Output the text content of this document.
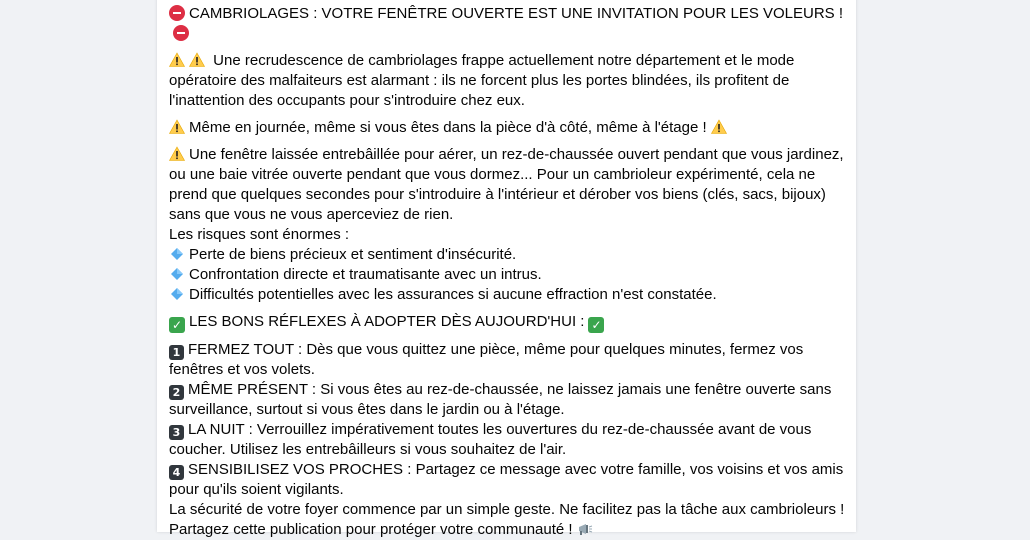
CAMBRIOLAGES : VOTRE FENÊTRE OUVERTE EST UNE INVITATION POUR LES VOLEURS !

Une recrudescence de cambriolages frappe actuellement notre département et le mode opératoire des malfaiteurs est alarmant : ils ne forcent plus les portes blindées, ils profitent de l'inattention des occupants pour s'introduire chez eux.

Même en journée, même si vous êtes dans la pièce d'à côté, même à l'étage !

Une fenêtre laissée entrebâillée pour aérer, un rez-de-chaussée ouvert pendant que vous jardinez, ou une baie vitrée ouverte pendant que vous dormez... Pour un cambrioleur expérimenté, cela ne prend que quelques secondes pour s'introduire à l'intérieur et dérober vos biens (clés, sacs, bijoux) sans que vous ne vous aperceviez de rien.
Les risques sont énormes :
Perte de biens précieux et sentiment d'insécurité.
Confrontation directe et traumatisante avec un intrus.
Difficultés potentielles avec les assurances si aucune effraction n'est constatée.

✓ LES BONS RÉFLEXES À ADOPTER DÈS AUJOURD'HUI : ✓

1 FERMEZ TOUT : Dès que vous quittez une pièce, même pour quelques minutes, fermez vos fenêtres et vos volets.
2 MÊME PRÉSENT : Si vous êtes au rez-de-chaussée, ne laissez jamais une fenêtre ouverte sans surveillance, surtout si vous êtes dans le jardin ou à l'étage.
3 LA NUIT : Verrouillez impérativement toutes les ouvertures du rez-de-chaussée avant de vous coucher. Utilisez les entrebâilleurs si vous souhaitez de l'air.
4 SENSIBILISEZ VOS PROCHES : Partagez ce message avec votre famille, vos voisins et vos amis pour qu'ils soient vigilants.
La sécurité de votre foyer commence par un simple geste. Ne facilitez pas la tâche aux cambrioleurs !
Partagez cette publication pour protéger votre communauté !
